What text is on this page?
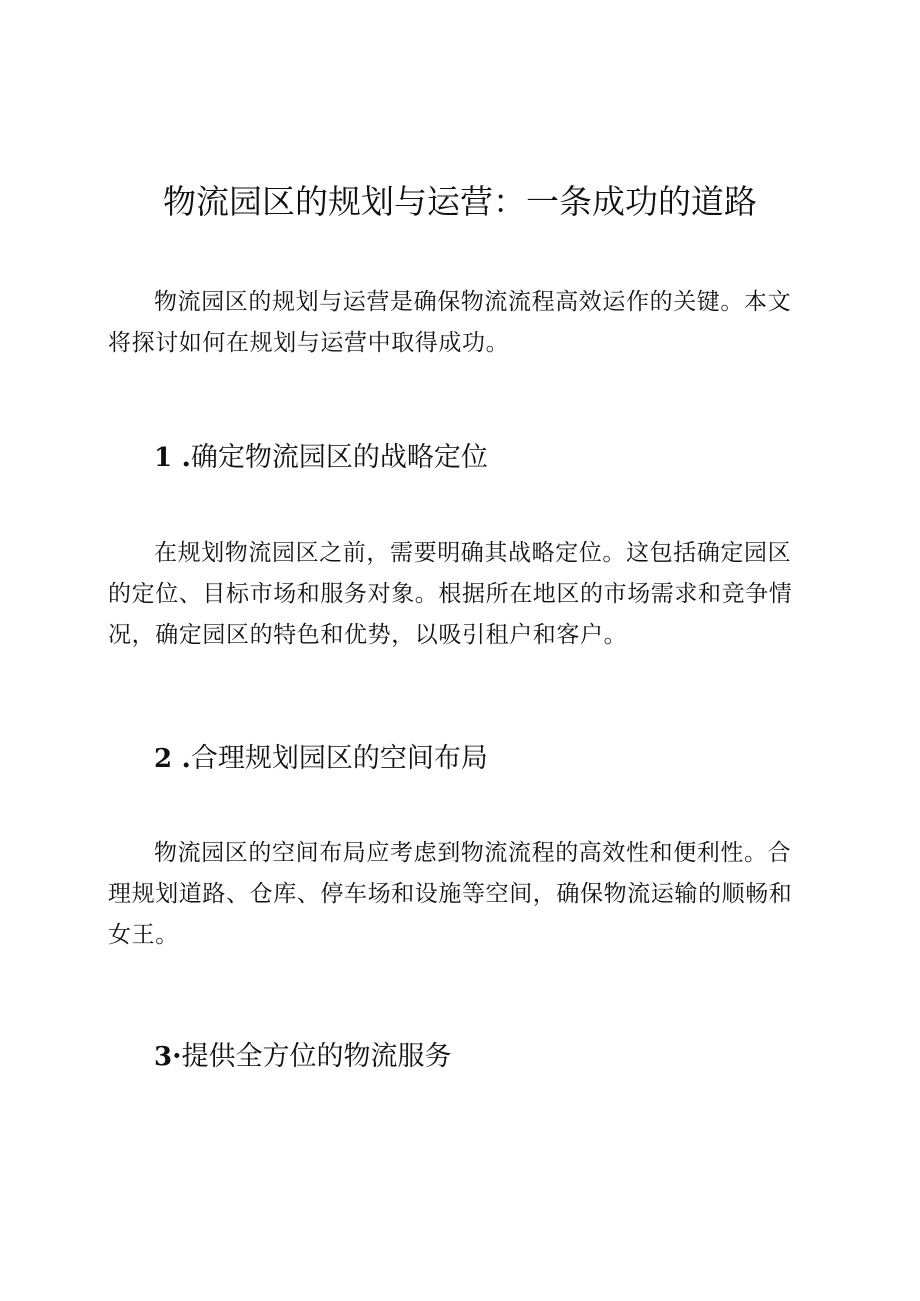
物流园区的规划与运营：一条成功的道路

物流园区的规划与运营是确保物流流程高效运作的关键。本文将探讨如何在规划与运营中取得成功。

1 .确定物流园区的战略定位

在规划物流园区之前，需要明确其战略定位。这包括确定园区的定位、目标市场和服务对象。根据所在地区的市场需求和竞争情况，确定园区的特色和优势，以吸引租户和客户。

2 .合理规划园区的空间布局

物流园区的空间布局应考虑到物流流程的高效性和便利性。合理规划道路、仓库、停车场和设施等空间，确保物流运输的顺畅和
女王。

3·提供全方位的物流服务
